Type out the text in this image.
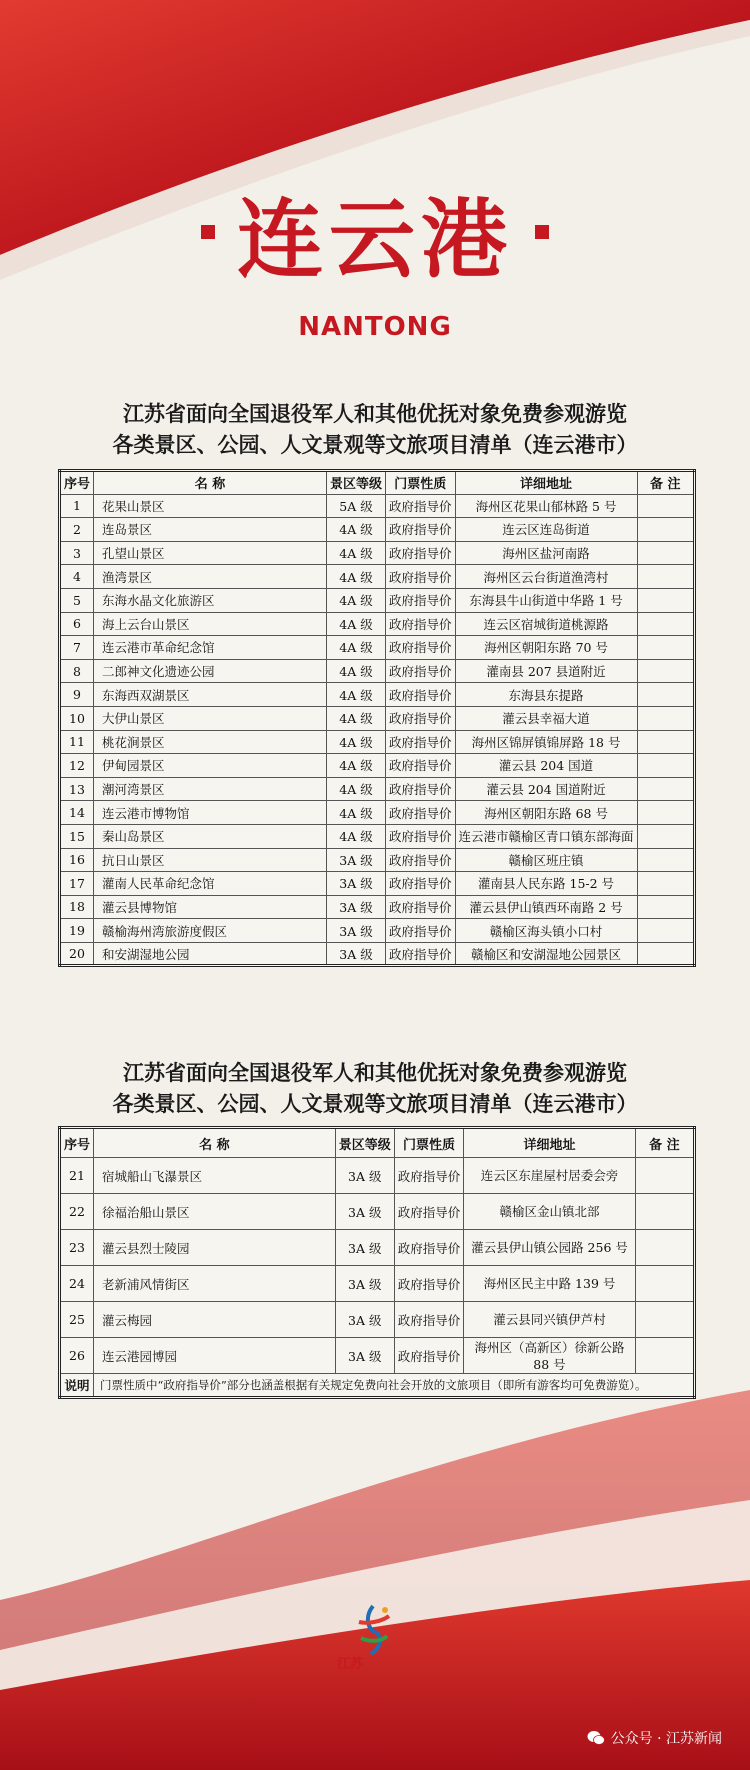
连云港
NANTONG
江苏省面向全国退役军人和其他优抚对象免费参观游览
各类景区、公园、人文景观等文旅项目清单（连云港市）
序号	名 称	景区等级	门票性质	详细地址	备 注
1	花果山景区	5A 级	政府指导价	海州区花果山郁林路 5 号	
2	连岛景区	4A 级	政府指导价	连云区连岛街道	
3	孔望山景区	4A 级	政府指导价	海州区盐河南路	
4	渔湾景区	4A 级	政府指导价	海州区云台街道渔湾村	
5	东海水晶文化旅游区	4A 级	政府指导价	东海县牛山街道中华路 1 号	
6	海上云台山景区	4A 级	政府指导价	连云区宿城街道桃源路	
7	连云港市革命纪念馆	4A 级	政府指导价	海州区朝阳东路 70 号	
8	二郎神文化遗迹公园	4A 级	政府指导价	灌南县 207 县道附近	
9	东海西双湖景区	4A 级	政府指导价	东海县东提路	
10	大伊山景区	4A 级	政府指导价	灌云县幸福大道	
11	桃花涧景区	4A 级	政府指导价	海州区锦屏镇锦屏路 18 号	
12	伊甸园景区	4A 级	政府指导价	灌云县 204 国道	
13	潮河湾景区	4A 级	政府指导价	灌云县 204 国道附近	
14	连云港市博物馆	4A 级	政府指导价	海州区朝阳东路 68 号	
15	秦山岛景区	4A 级	政府指导价	连云港市赣榆区青口镇东部海面	
16	抗日山景区	3A 级	政府指导价	赣榆区班庄镇	
17	灌南人民革命纪念馆	3A 级	政府指导价	灌南县人民东路 15-2 号	
18	灌云县博物馆	3A 级	政府指导价	灌云县伊山镇西环南路 2 号	
19	赣榆海州湾旅游度假区	3A 级	政府指导价	赣榆区海头镇小口村	
20	和安湖湿地公园	3A 级	政府指导价	赣榆区和安湖湿地公园景区	
江苏省面向全国退役军人和其他优抚对象免费参观游览
各类景区、公园、人文景观等文旅项目清单（连云港市）
序号	名 称	景区等级	门票性质	详细地址	备 注
21	宿城船山飞瀑景区	3A 级	政府指导价	连云区东崖屋村居委会旁	
22	徐福治船山景区	3A 级	政府指导价	赣榆区金山镇北部	
23	灌云县烈士陵园	3A 级	政府指导价	灌云县伊山镇公园路 256 号	
24	老新浦风情街区	3A 级	政府指导价	海州区民主中路 139 号	
25	灌云梅园	3A 级	政府指导价	灌云县同兴镇伊芦村	
26	连云港园博园	3A 级	政府指导价	海州区（高新区）徐新公路 88 号	
说明	门票性质中“政府指导价”部分也涵盖根据有关规定免费向社会开放的文旅项目（即所有游客均可免费游览）。				
江苏
公众号 · 江苏新闻
